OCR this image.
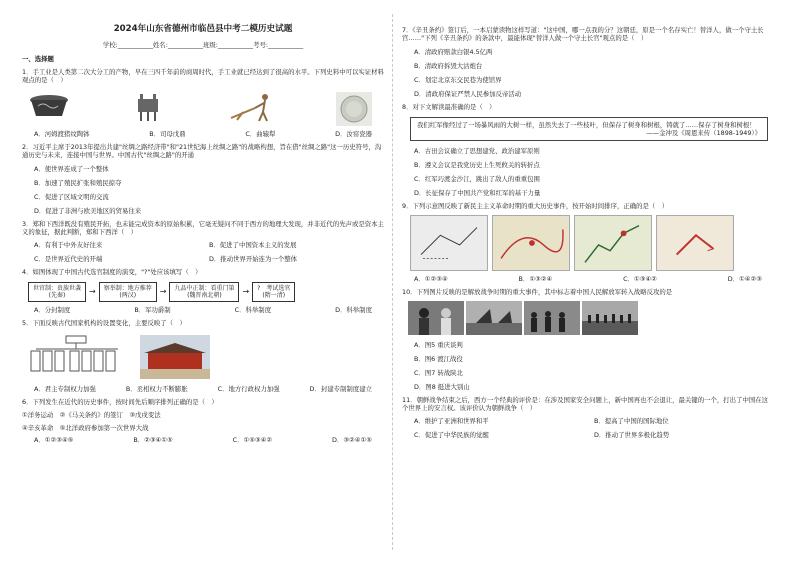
2024年山东省德州市临邑县中考二模历史试题
学校:___________姓名:___________班级:___________考号:___________
一、选择题
1．手工业是人类第二次大分工的产物，早在三四千年前的商周时代，手工业就已经达到了很高的水平。下列史料中可以实证材料观点的是（　）
A．河姆渡猪纹陶钵	B．司母戊鼎	C．曲辕犁	D．汝窑瓷器
2．习近平主席于2013年提出共建"丝绸之路经济带"和"21世纪海上丝绸之路"的战略构想，旨在借"丝绸之路"这一历史符号，沟通历史与未来，连接中国与世界。中国古代"丝绸之路"的开通
A．使世界连成了一个整体
B．加速了殖民扩张和殖民掠夺
C．促进了区域文明的交流
D．促进了非洲与欧美地区的贸易往来
3．郑和下西洋既没有殖民开拓，也未能完成资本的原始积累，它毫无疑问不同于西方的地理大发现，并非近代的先声或是资本主义的象征，据此判断，郑和下西洋（　）
A．有利于中外友好往来	B．促进了中国资本主义的发展
C．是世界近代史的开端	D．推动世界开始连为一个整体
4．如图体现了中国古代选官制度的演变，"?"处应该填写（　）
世官制：贵族世袭
(先秦)	→ 察举制：地方推荐
(两汉)	→ 九品中正制：看重门第
(魏晋南北朝)	→ ?　考试选官
(隋一清)
A．分封制度	B．军功爵制	C．科举制度	D．科举制度
5．下面反映古代国家机构的设置变化，主要反映了（　）
A．君主专制权力加强	B．丞相权力不断膨胀	C．地方行政权力加强	D．封建专制制度建立
6．下列发生在近代的历史事件，按时间先后顺序排列正确的是（　）
①洋务运动　②《马关条约》的签订　③戊戌变法
④辛亥革命　⑤北洋政府参加第一次世界大战
A．①②③④⑤	B．②③④①⑤	C．①⑤③④②	D．③②④①⑤
7．《辛丑条约》签订后，一本启蒙读物这样写道："这中国，哪一点我的分？这朝廷，原是一个名存实亡！替洋人，做一个守土长官……"下列《辛丑条约》的条款中，最能体现"替洋人做一个守土长官"观点的是（　）
A．清政府赔款白银4.5亿两
B．清政府拆毁大沽炮台
C．划定北京东交民巷为使馆界
D．清政府保证严禁人民参加反帝活动
8．对下文解读最准确的是（　）
我们红军像经过了一场暴风雨的大树一样，虽然失去了一些枝叶，但保存了树身和树根，铸就了……保存了树身和树根！
——金冲及《周恩来传（1898-1949）》
A．古田会议确立了思想建党、政治建军原则
B．遵义会议是我党历史上生死攸关的转折点
C．红军巧渡金沙江，跳出了敌人的重重包围
D．长征保存了中国共产党和红军的基干力量
9．下列示意图反映了新民主主义革命时期的重大历史事件，按开始时间排序，正确的是（　）
A．①②③④	B．①③②④	C．①③④②	D．①④②③
10．下列图片反映的是解放战争时期的重大事件，其中标志着中国人民解放军转入战略反攻的是
A．图5 重庆谈判
B．图6 渡江战役
C．图7 转战陕北
D．图8 挺进大别山
11．朝鲜战争结束之后，西方一个经典的评价是：在涉及国家安全问题上，新中国再也不会退让，最关键的一个，打出了中国在这个世界上的安言权。该评价认为朝鲜战争（　）
A．维护了亚洲和世界和平	B．提高了中国的国际地位
C．促进了中华民族的觉醒	D．推动了世界多极化趋势
